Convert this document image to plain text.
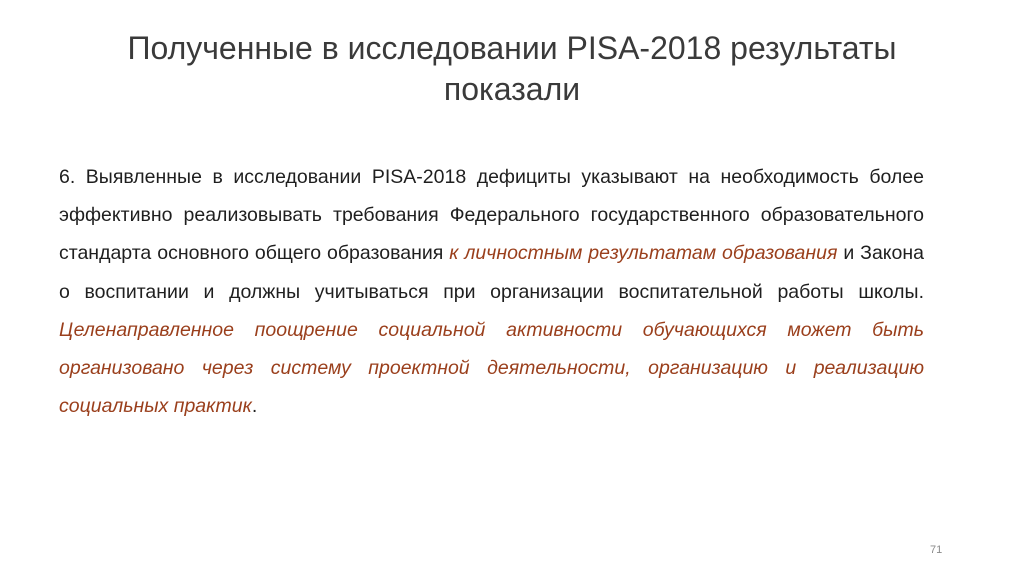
Полученные в исследовании PISA-2018 результаты показали
6. Выявленные в исследовании PISA-2018 дефициты указывают на необходимость более эффективно реализовывать требования Федерального государственного образовательного стандарта основного общего образования к личностным результатам образования и Закона о воспитании и должны учитываться при организации воспитательной работы школы. Целенаправленное поощрение социальной активности обучающихся может быть организовано через систему проектной деятельности, организацию и реализацию социальных практик.
71
